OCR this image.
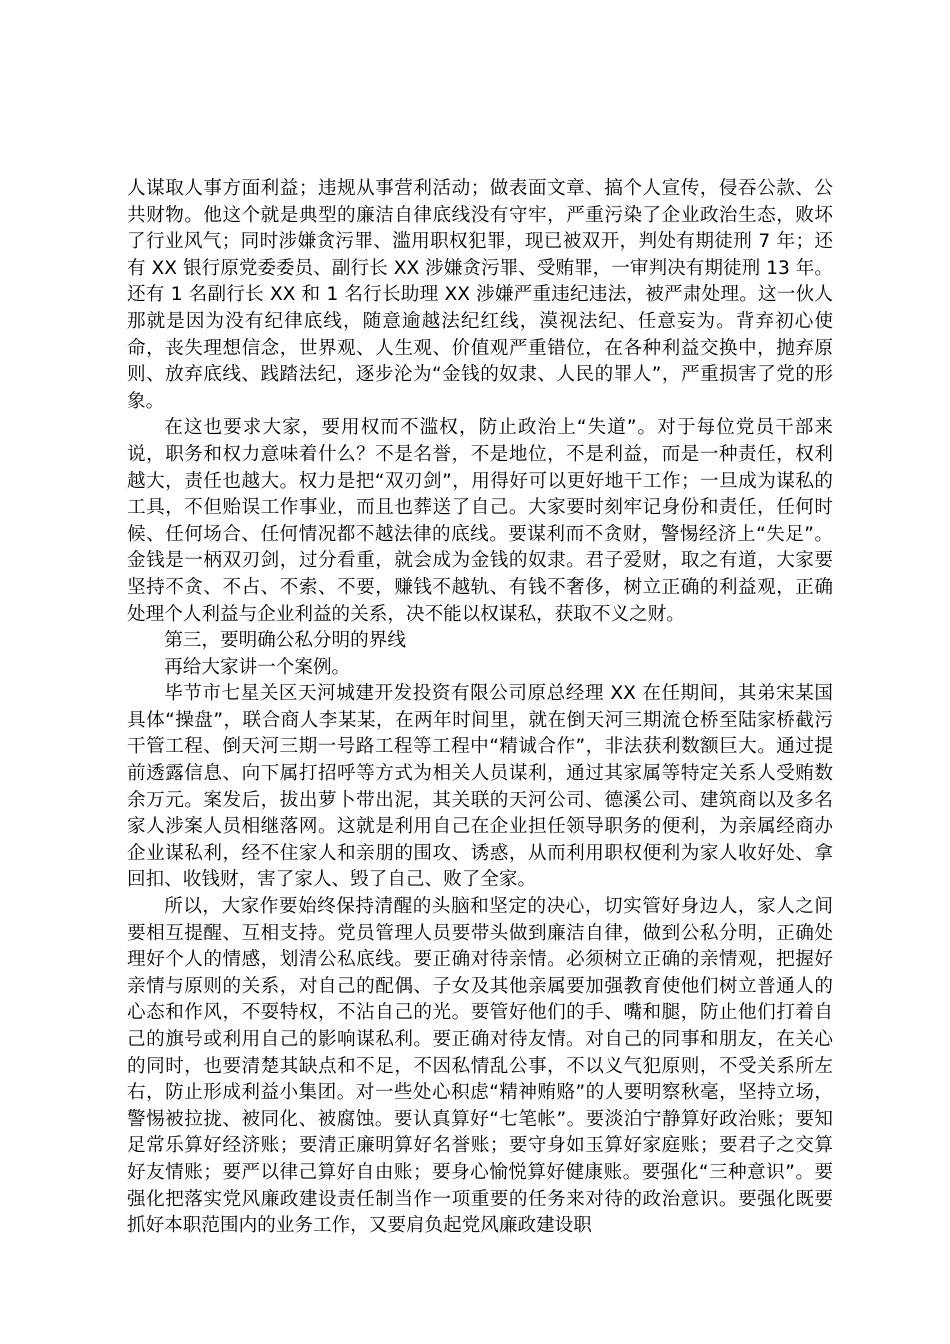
人谋取人事方面利益；违规从事营利活动；做表面文章、搞个人宣传，侵吞公款、公共财物。他这个就是典型的廉洁自律底线没有守牢，严重污染了企业政治生态，败坏了行业风气；同时涉嫌贪污罪、滥用职权犯罪，现已被双开，判处有期徒刑 7 年；还有 XX 银行原党委委员、副行长 XX 涉嫌贪污罪、受贿罪，一审判决有期徒刑 13 年。还有 1 名副行长 XX 和 1 名行长助理 XX 涉嫌严重违纪违法，被严肃处理。这一伙人那就是因为没有纪律底线，随意逾越法纪红线，漠视法纪、任意妄为。背弃初心使命，丧失理想信念，世界观、人生观、价值观严重错位，在各种利益交换中，抛弃原则、放弃底线、践踏法纪，逐步沦为“金钱的奴隶、人民的罪人”，严重损害了党的形象。

在这也要求大家，要用权而不滥权，防止政治上“失道”。对于每位党员干部来说，职务和权力意味着什么？不是名誉，不是地位，不是利益，而是一种责任，权利越大，责任也越大。权力是把“双刃剑”，用得好可以更好地干工作；一旦成为谋私的工具，不但贻误工作事业，而且也葬送了自己。大家要时刻牢记身份和责任，任何时候、任何场合、任何情况都不越法律的底线。要谋利而不贪财，警惕经济上“失足”。金钱是一柄双刃剑，过分看重，就会成为金钱的奴隶。君子爱财，取之有道，大家要坚持不贪、不占、不索、不要，赚钱不越轨、有钱不奢侈，树立正确的利益观，正确处理个人利益与企业利益的关系，决不能以权谋私，获取不义之财。

第三，要明确公私分明的界线

再给大家讲一个案例。

毕节市七星关区天河城建开发投资有限公司原总经理 XX 在任期间，其弟宋某国具体“操盘”，联合商人李某某，在两年时间里，就在倒天河三期流仓桥至陆家桥截污干管工程、倒天河三期一号路工程等工程中“精诚合作”，非法获利数额巨大。通过提前透露信息、向下属打招呼等方式为相关人员谋利，通过其家属等特定关系人受贿数余万元。案发后，拔出萝卜带出泥，其关联的天河公司、德溪公司、建筑商以及多名家人涉案人员相继落网。这就是利用自己在企业担任领导职务的便利，为亲属经商办企业谋私利，经不住家人和亲朋的围攻、诱惑，从而利用职权便利为家人收好处、拿回扣、收钱财，害了家人、毁了自己、败了全家。

所以，大家作要始终保持清醒的头脑和坚定的决心，切实管好身边人，家人之间要相互提醒、互相支持。党员管理人员要带头做到廉洁自律，做到公私分明，正确处理好个人的情感，划清公私底线。要正确对待亲情。必须树立正确的亲情观，把握好亲情与原则的关系，对自己的配偶、子女及其他亲属要加强教育使他们树立普通人的心态和作风，不耍特权，不沾自己的光。要管好他们的手、嘴和腿，防止他们打着自己的旗号或利用自己的影响谋私利。要正确对待友情。对自己的同事和朋友，在关心的同时，也要清楚其缺点和不足，不因私情乱公事，不以义气犯原则，不受关系所左右，防止形成利益小集团。对一些处心积虑“精神贿赂”的人要明察秋毫，坚持立场，警惕被拉拢、被同化、被腐蚀。要认真算好“七笔帐”。要淡泊宁静算好政治账；要知足常乐算好经济账；要清正廉明算好名誉账；要守身如玉算好家庭账；要君子之交算好友情账；要严以律己算好自由账；要身心愉悦算好健康账。要强化“三种意识”。要强化把落实党风廉政建设责任制当作一项重要的任务来对待的政治意识。要强化既要抓好本职范围内的业务工作，又要肩负起党风廉政建设职
